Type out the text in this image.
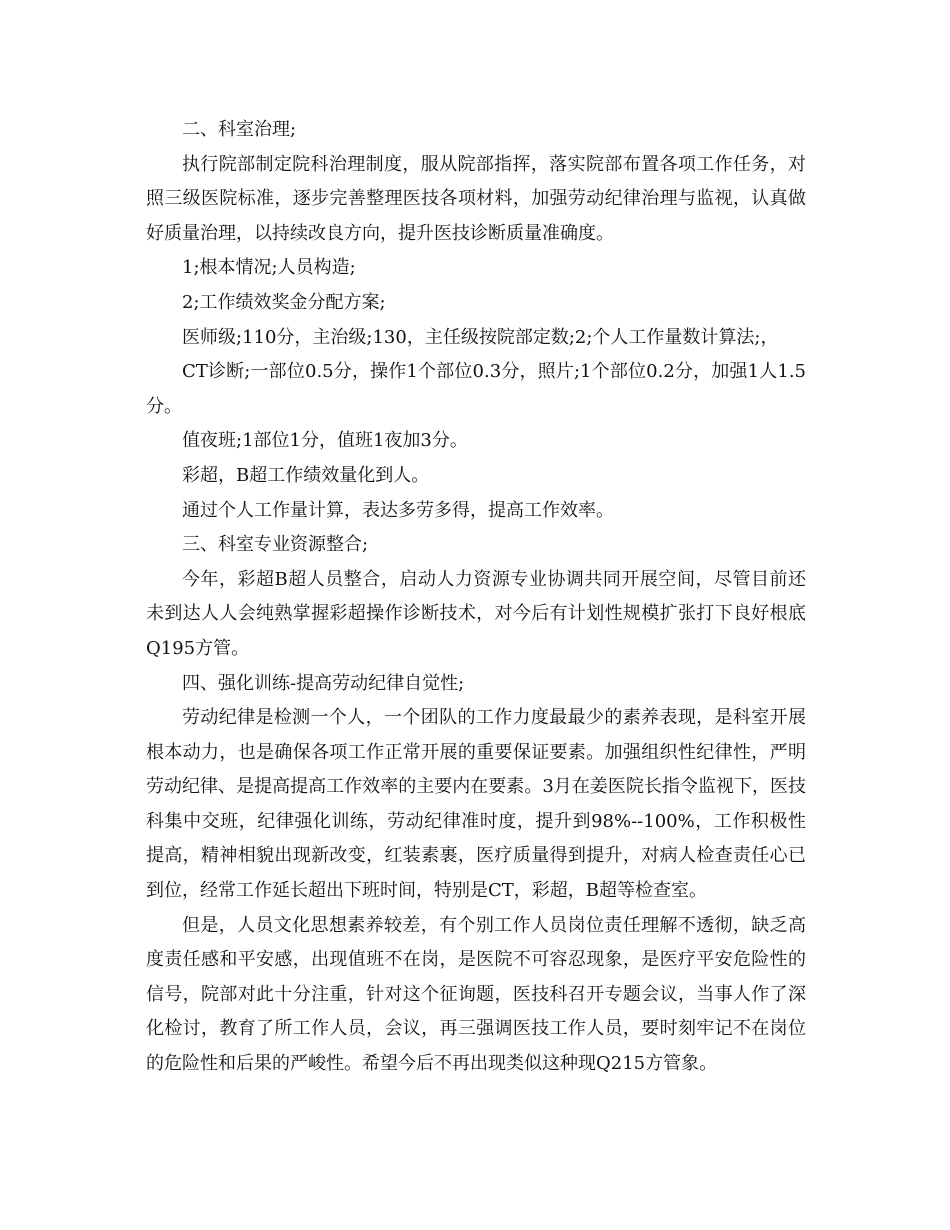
二、科室治理;

执行院部制定院科治理制度，服从院部指挥，落实院部布置各项工作任务，对照三级医院标准，逐步完善整理医技各项材料，加强劳动纪律治理与监视，认真做好质量治理，以持续改良方向，提升医技诊断质量准确度。

1;根本情况;人员构造;

2;工作绩效奖金分配方案;

医师级;110分，主治级;130，主任级按院部定数;2;个人工作量数计算法;，

CT诊断;一部位0.5分，操作1个部位0.3分，照片;1个部位0.2分，加强1人1.5分。

值夜班;1部位1分，值班1夜加3分。

彩超，B超工作绩效量化到人。

通过个人工作量计算，表达多劳多得，提高工作效率。

三、科室专业资源整合;

今年，彩超B超人员整合，启动人力资源专业协调共同开展空间，尽管目前还未到达人人会纯熟掌握彩超操作诊断技术，对今后有计划性规模扩张打下良好根底Q195方管。

四、强化训练-提高劳动纪律自觉性;

劳动纪律是检测一个人，一个团队的工作力度最最少的素养表现，是科室开展根本动力，也是确保各项工作正常开展的重要保证要素。加强组织性纪律性，严明劳动纪律、是提高提高工作效率的主要内在要素。3月在姜医院长指令监视下，医技科集中交班，纪律强化训练，劳动纪律准时度，提升到98%--100%，工作积极性提高，精神相貌出现新改变，红装素裹，医疗质量得到提升，对病人检查责任心已到位，经常工作延长超出下班时间，特别是CT，彩超，B超等检查室。

但是，人员文化思想素养较差，有个别工作人员岗位责任理解不透彻，缺乏高度责任感和平安感，出现值班不在岗，是医院不可容忍现象，是医疗平安危险性的信号，院部对此十分注重，针对这个征询题，医技科召开专题会议，当事人作了深化检讨，教育了所工作人员，会议，再三强调医技工作人员，要时刻牢记不在岗位的危险性和后果的严峻性。希望今后不再出现类似这种现Q215方管象。
